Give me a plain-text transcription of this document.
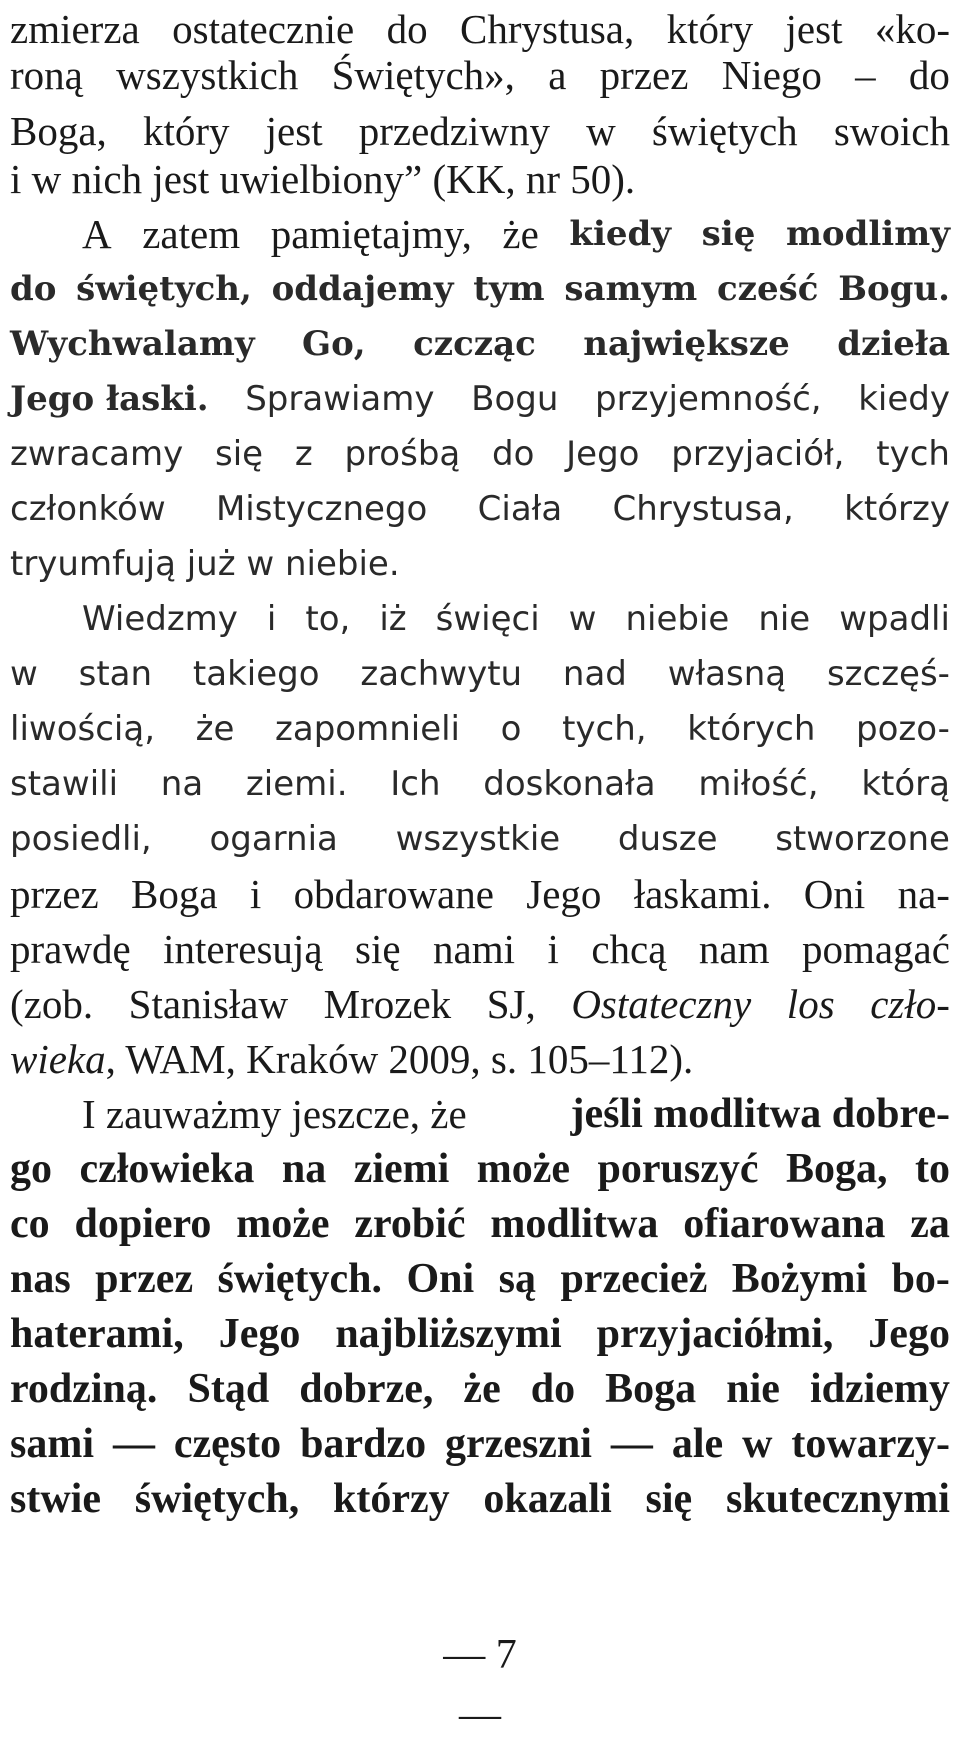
zmierza ostatecznie do Chrystusa, który jest «ko-
roną wszystkich Świętych», a przez Niego – do
Boga, który jest przedziwny w świętych swoich
i w nich jest uwielbiony” (KK, nr 50).
A zatem pamiętajmy, że kiedy się modlimy
do świętych, oddajemy tym samym cześć Bogu.
Wychwalamy Go, czcząc największe dzieła
Jego łaski. Sprawiamy Bogu przyjemność, kiedy
zwracamy się z prośbą do Jego przyjaciół, tych
członków Mistycznego Ciała Chrystusa, którzy
tryumfują już w niebie.
Wiedzmy i to, iż święci w niebie nie wpadli
w stan takiego zachwytu nad własną szczęś-
liwością, że zapomnieli o tych, których pozo-
stawili na ziemi. Ich doskonała miłość, którą
posiedli, ogarnia wszystkie dusze stworzone
przez Boga i obdarowane Jego łaskami. Oni na-
prawdę interesują się nami i chcą nam pomagać
(zob. Stanisław Mrozek SJ, Ostateczny los czło-
wieka , WAM, Kraków 2009, s. 105–112).
I zauważmy jeszcze, że jeśli modlitwa dobre-
go człowieka na ziemi może poruszyć Boga, to
co dopiero może zrobić modlitwa ofiarowana za
nas przez świętych. Oni są przecież Bożymi bo-
haterami, Jego najbliższymi przyjaciółmi, Jego
rodziną. Stąd dobrze, że do Boga nie idziemy
sami — często bardzo grzeszni — ale w towarzy-
stwie świętych, którzy okazali się skutecznymi
— 7 —
